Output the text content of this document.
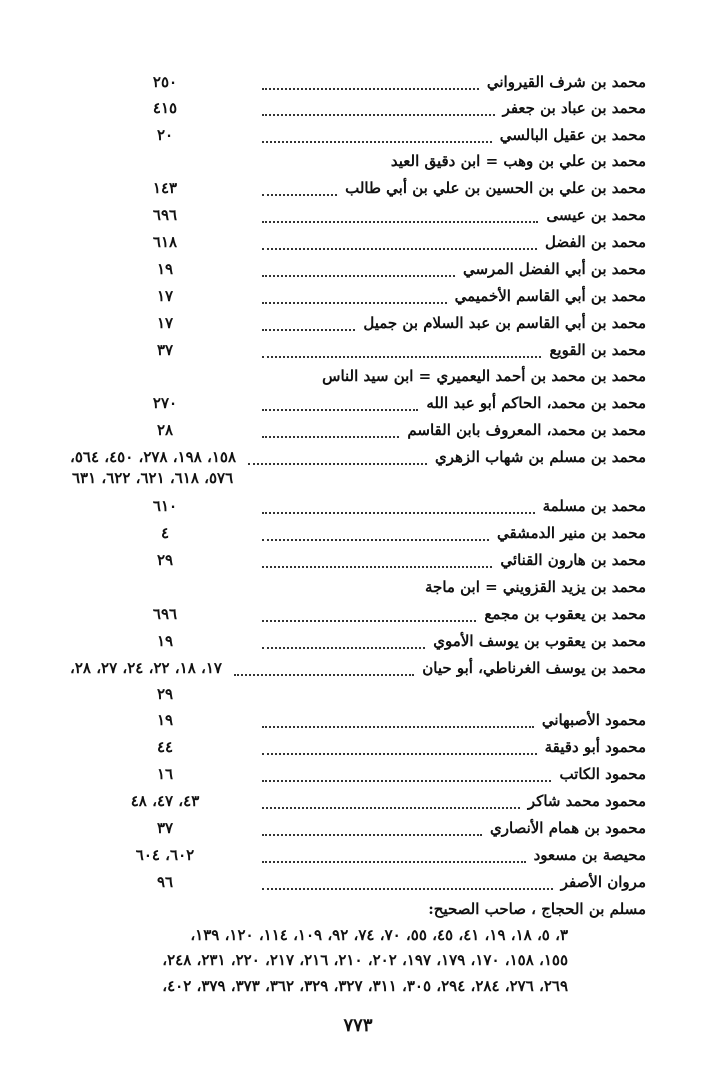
محمد بن شرف القيرواني
٢٥٠
محمد بن عباد بن جعفر
٤١٥
محمد بن عقيل البالسي
٢٠
محمد بن علي بن وهب = ابن دقيق العيد
محمد بن علي بن الحسين بن علي بن أبي طالب
١٤٣
محمد بن عيسى
٦٩٦
محمد بن الفضل
٦١٨
محمد بن أبي الفضل المرسي
١٩
محمد بن أبي القاسم الأخميمي
١٧
محمد بن أبي القاسم بن عبد السلام بن جميل
١٧
محمد بن القويع
٣٧
محمد بن محمد بن أحمد اليعميري = ابن سيد الناس
محمد بن محمد، الحاكم أبو عبد الله
٢٧٠
محمد بن محمد، المعروف بابن القاسم
٢٨
محمد بن مسلم بن شهاب الزهري
١٥٨، ١٩٨، ٢٧٨، ٤٥٠، ٥٦٤،
٥٧٦، ٦١٨، ٦٢١، ٦٢٢، ٦٣١
محمد بن مسلمة
٦١٠
محمد بن منير الدمشقي
٤
محمد بن هارون القنائي
٢٩
محمد بن يزيد القزويني = ابن ماجة
محمد بن يعقوب بن مجمع
٦٩٦
محمد بن يعقوب بن يوسف الأموي
١٩
محمد بن يوسف الغرناطي، أبو حيان
١٧، ١٨، ٢٢، ٢٤، ٢٧، ٢٨،
٢٩
محمود الأصبهاني
١٩
محمود أبو دقيقة
٤٤
محمود الكاتب
١٦
محمود محمد شاكر
٤٣، ٤٧، ٤٨
محمود بن همام الأنصاري
٣٧
محيصة بن مسعود
٦٠٢، ٦٠٤
مروان الأصفر
٩٦
مسلم بن الحجاج ، صاحب الصحيح:
٣، ٥، ١٨، ١٩، ٤١، ٤٥، ٥٥، ٧٠، ٧٤، ٩٢، ١٠٩، ١١٤، ١٢٠، ١٣٩،
١٥٥، ١٥٨، ١٧٠، ١٧٩، ١٩٧، ٢٠٢، ٢١٠، ٢١٦، ٢١٧، ٢٢٠، ٢٣١، ٢٤٨،
٢٦٩، ٢٧٦، ٢٨٤، ٢٩٤، ٣٠٥، ٣١١، ٣٢٧، ٣٢٩، ٣٦٢، ٣٧٣، ٣٧٩، ٤٠٢،
٧٧٣
